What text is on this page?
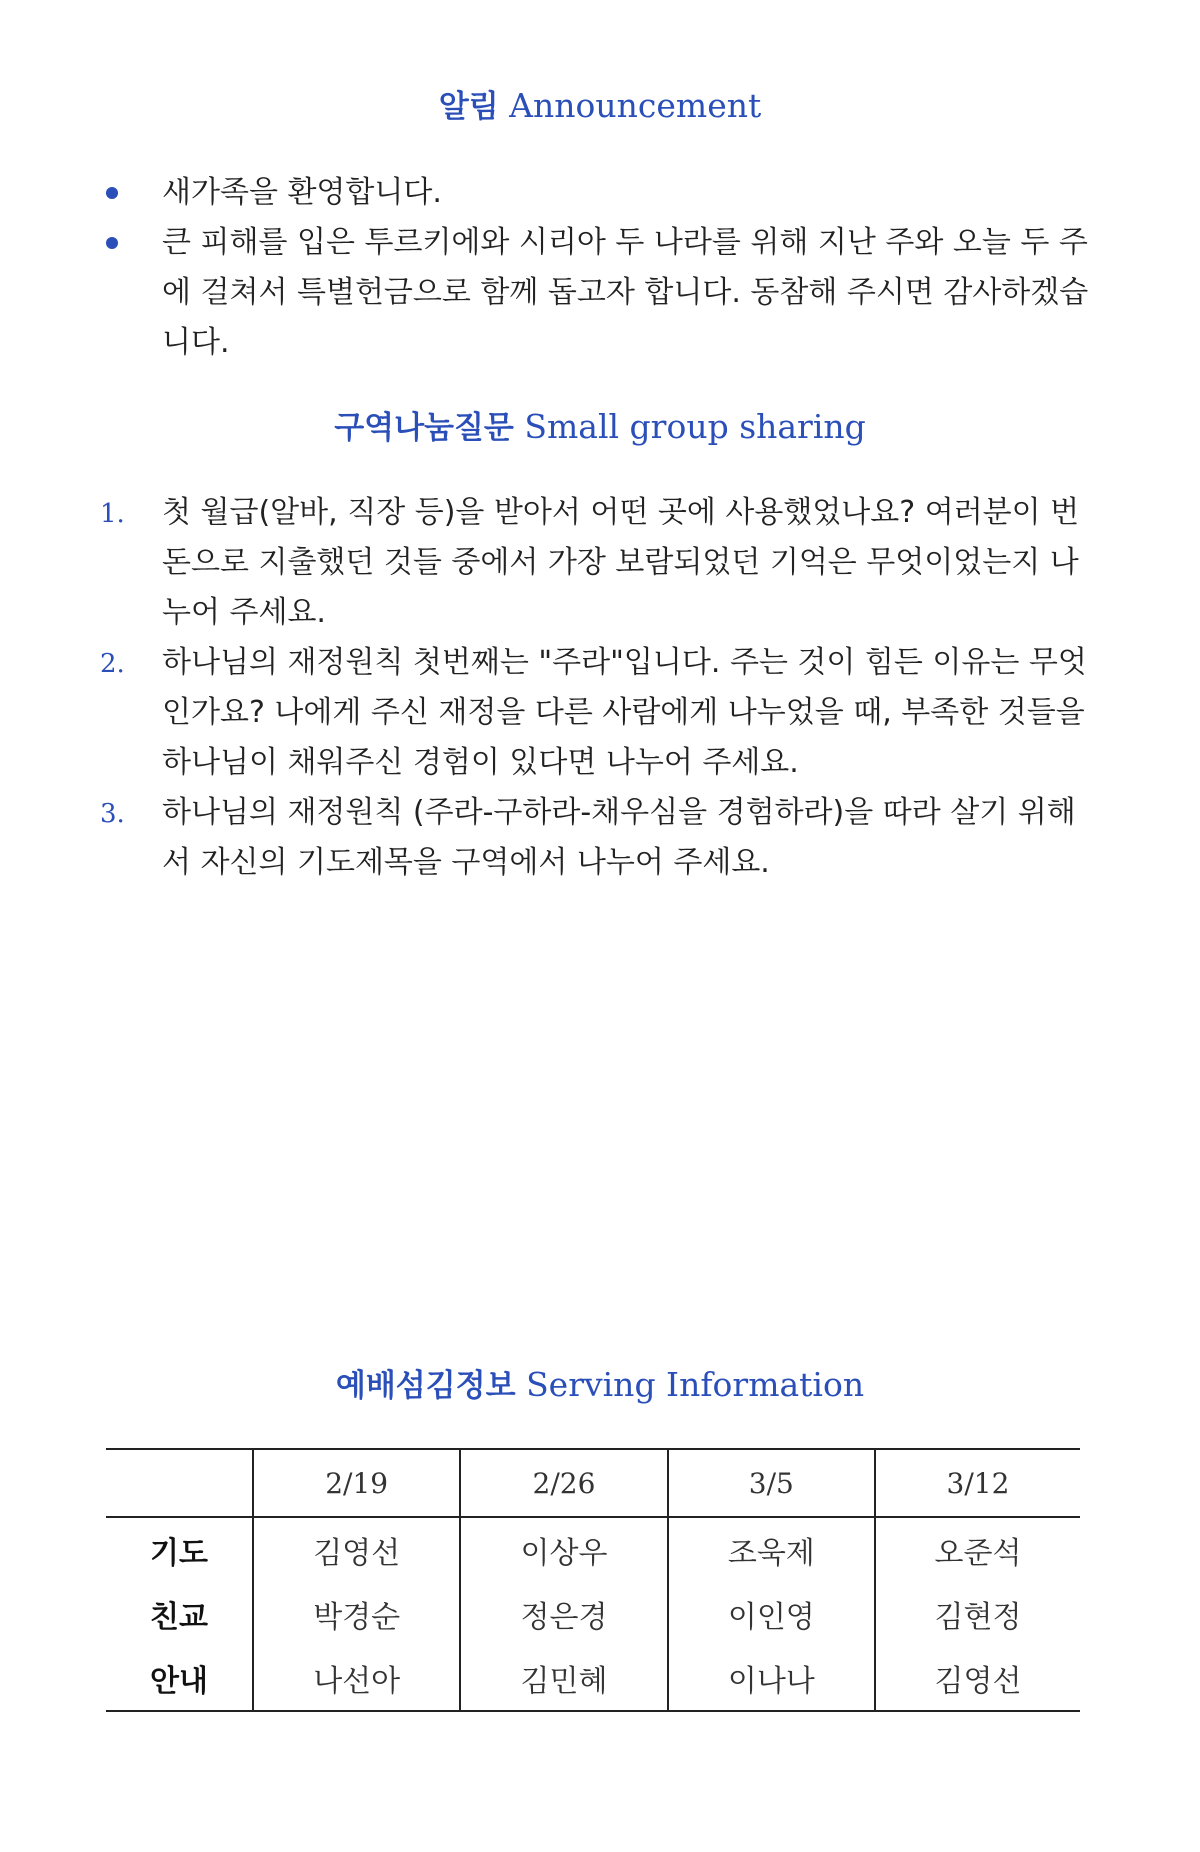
알림 Announcement
새가족을 환영합니다.
큰 피해를 입은 투르키에와 시리아 두 나라를 위해 지난 주와 오늘 두 주에 걸쳐서 특별헌금으로 함께 돕고자 합니다. 동참해 주시면 감사하겠습니다.
구역나눔질문 Small group sharing
1. 첫 월급(알바, 직장 등)을 받아서 어떤 곳에 사용했었나요? 여러분이 번 돈으로 지출했던 것들 중에서 가장 보람되었던 기억은 무엇이었는지 나누어 주세요.
2. 하나님의 재정원칙 첫번째는 "주라"입니다. 주는 것이 힘든 이유는 무엇인가요? 나에게 주신 재정을 다른 사람에게 나누었을 때, 부족한 것들을 하나님이 채워주신 경험이 있다면 나누어 주세요.
3. 하나님의 재정원칙 (주라-구하라-채우심을 경험하라)을 따라 살기 위해서 자신의 기도제목을 구역에서 나누어 주세요.
예배섬김정보 Serving Information
	2/19	2/26	3/5	3/12
기도	김영선	이상우	조욱제	오준석
친교	박경순	정은경	이인영	김현정
안내	나선아	김민혜	이나나	김영선
